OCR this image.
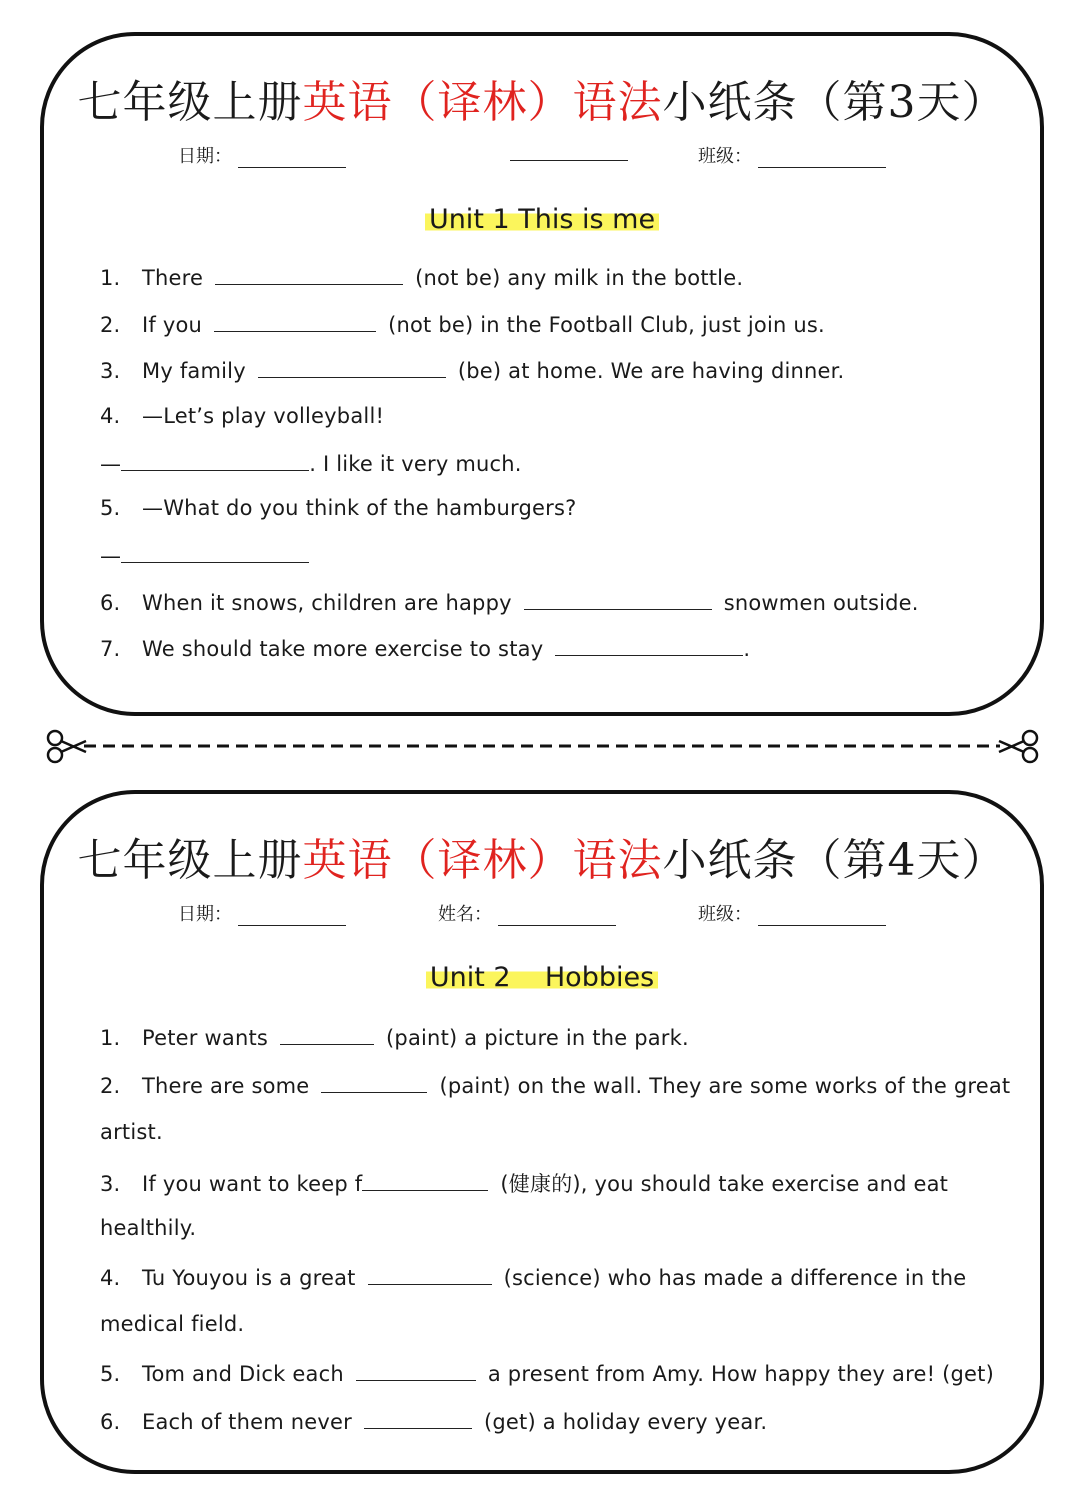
七年级上册英语（译林）语法小纸条（第3天）
日期：	班级：
Unit 1 This is me
1. There	(not be) any milk in the bottle.
2. If you	(not be) in the Football Club, just join us.
3. My family	(be) at home. We are having dinner.
4. —Let’s play volleyball!
—	. I like it very much.
5. —What do you think of the hamburgers?
—
6. When it snows, children are happy	snowmen outside.
7. We should take more exercise to stay	.
七年级上册英语（译林）语法小纸条（第4天）
日期：	姓名：	班级：
Unit 2    Hobbies
1. Peter wants	(paint) a picture in the park.
2. There are some	(paint) on the wall. They are some works of the great
artist.
3. If you want to keep f	(健康的), you should take exercise and eat
healthily.
4. Tu Youyou is a great	(science) who has made a difference in the
medical field.
5. Tom and Dick each	a present from Amy. How happy they are! (get)
6. Each of them never	(get) a holiday every year.
